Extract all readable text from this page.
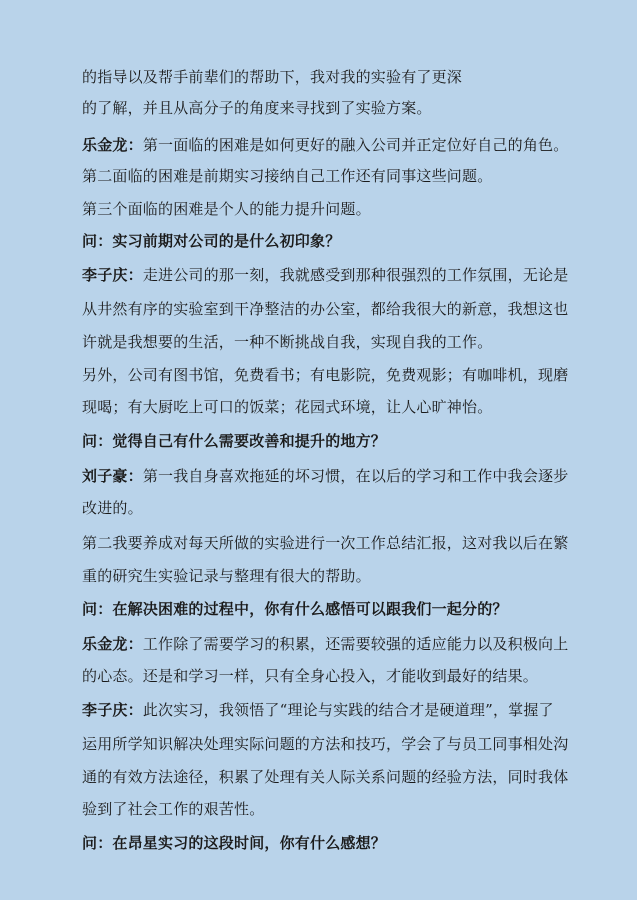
的指导以及帮手前辈们的帮助下，我对我的实验有了更深
的了解，并且从高分子的角度来寻找到了实验方案。
乐金龙：第一面临的困难是如何更好的融入公司并正定位好自己的角色。
第二面临的困难是前期实习接纳自己工作还有同事这些问题。
第三个面临的困难是个人的能力提升问题。
问：实习前期对公司的是什么初印象？
李子庆：走进公司的那一刻，我就感受到那种很强烈的工作氛围，无论是
从井然有序的实验室到干净整洁的办公室，都给我很大的新意，我想这也
许就是我想要的生活，一种不断挑战自我，实现自我的工作。
另外，公司有图书馆，免费看书；有电影院，免费观影；有咖啡机，现磨
现喝；有大厨吃上可口的饭菜；花园式环境，让人心旷神怡。
问：觉得自己有什么需要改善和提升的地方？
刘子豪：第一我自身喜欢拖延的坏习惯，在以后的学习和工作中我会逐步
改进的。
第二我要养成对每天所做的实验进行一次工作总结汇报，这对我以后在繁
重的研究生实验记录与整理有很大的帮助。
问：在解决困难的过程中，你有什么感悟可以跟我们一起分的？
乐金龙：工作除了需要学习的积累，还需要较强的适应能力以及积极向上
的心态。还是和学习一样，只有全身心投入，才能收到最好的结果。
李子庆：此次实习，我领悟了“理论与实践的结合才是硬道理”，掌握了
运用所学知识解决处理实际问题的方法和技巧，学会了与员工同事相处沟
通的有效方法途径，积累了处理有关人际关系问题的经验方法，同时我体
验到了社会工作的艰苦性。
问：在昂星实习的这段时间，你有什么感想？
